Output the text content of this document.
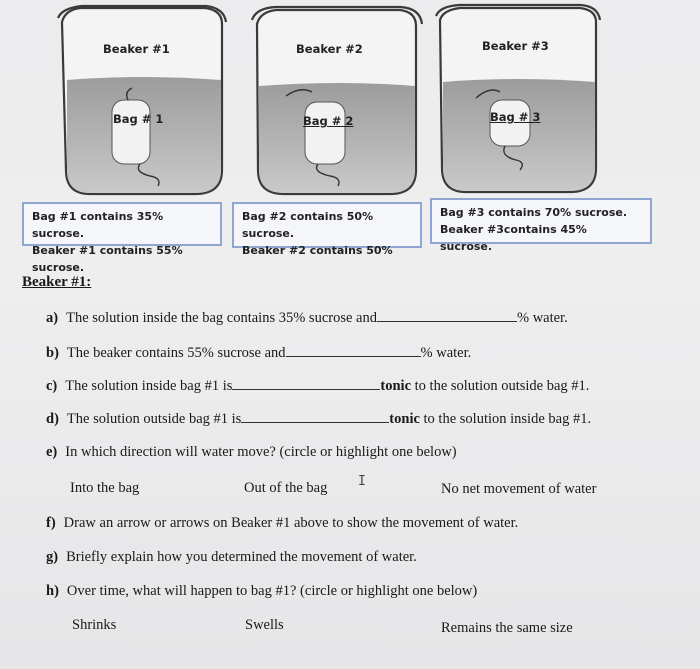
Beaker #1	Beaker #2	Beaker #3
Bag # 1	Bag # 2	Bag # 3
Bag #1 contains 35% sucrose.
Beaker #1 contains 55% sucrose.
Bag #2 contains 50% sucrose.
Beaker #2 contains 50%
Bag #3 contains 70% sucrose.
Beaker #3contains 45% sucrose.
Beaker #1:
a) The solution inside the bag contains 35% sucrose and	% water.
b) The beaker contains 55% sucrose and	% water.
c) The solution inside bag #1 is	tonic to the solution outside bag #1.
d) The solution outside bag #1 is	tonic to the solution inside bag #1.
e) In which direction will water move? (circle or highlight one below)
Into the bag	Out of the bag I	No net movement of water
f) Draw an arrow or arrows on Beaker #1 above to show the movement of water.
g) Briefly explain how you determined the movement of water.
h) Over time, what will happen to bag #1? (circle or highlight one below)
Shrinks	Swells	Remains the same size
